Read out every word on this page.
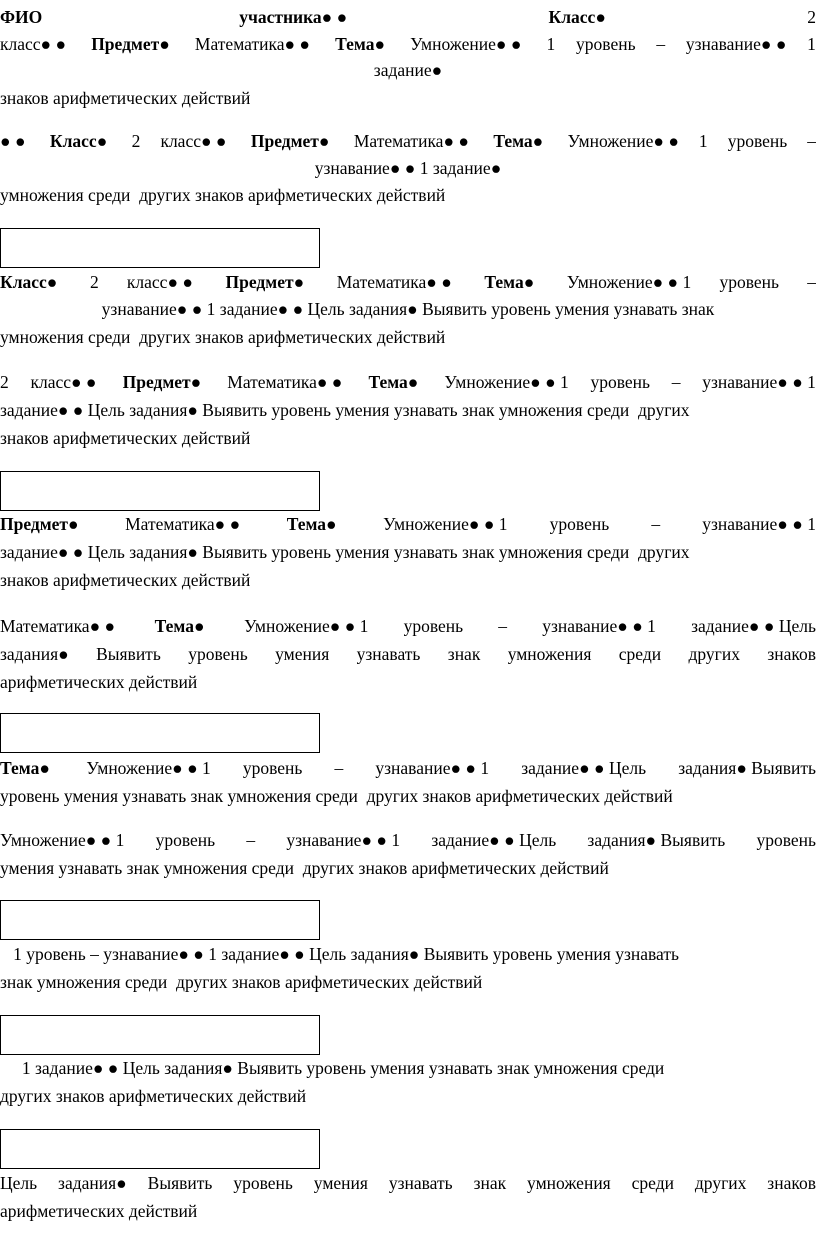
ФИО	участника● ●	Класс●	2
класс● ● Предмет● Математика● ● Тема● Умножение● ● 1 уровень – узнавание● ● 1
задание●
знаков арифметических действий
● ● Класс● 2 класс● ● Предмет● Математика● ● Тема● Умножение● ● 1 уровень –
узнавание● ● 1 задание●
умножения среди  других знаков арифметических действий
Класс● 2 класс● ● Предмет● Математика● ● Тема● Умножение● ● 1 уровень –
узнавание● ● 1 задание● ● Цель задания● Выявить уровень умения узнавать знак
умножения среди  других знаков арифметических действий
2 класс● ● Предмет● Математика● ● Тема● Умножение● ● 1 уровень – узнавание● ● 1
задание● ● Цель задания● Выявить уровень умения узнавать знак умножения среди  других
знаков арифметических действий
Предмет● Математика● ● Тема● Умножение● ● 1 уровень – узнавание● ● 1
задание● ● Цель задания● Выявить уровень умения узнавать знак умножения среди  других
знаков арифметических действий
Математика● ● Тема● Умножение● ● 1 уровень – узнавание● ● 1 задание● ● Цель
задания● Выявить уровень умения узнавать знак умножения среди других знаков
арифметических действий
Тема● Умножение● ● 1 уровень – узнавание● ● 1 задание● ● Цель задания● Выявить
уровень умения узнавать знак умножения среди  других знаков арифметических действий
Умножение● ● 1 уровень – узнавание● ● 1 задание● ● Цель задания● Выявить уровень
умения узнавать знак умножения среди  других знаков арифметических действий
1 уровень – узнавание● ● 1 задание● ● Цель задания● Выявить уровень умения узнавать
знак умножения среди  других знаков арифметических действий
1 задание● ● Цель задания● Выявить уровень умения узнавать знак умножения среди
других знаков арифметических действий
Цель задания● Выявить уровень умения узнавать знак умножения среди других знаков
арифметических действий
